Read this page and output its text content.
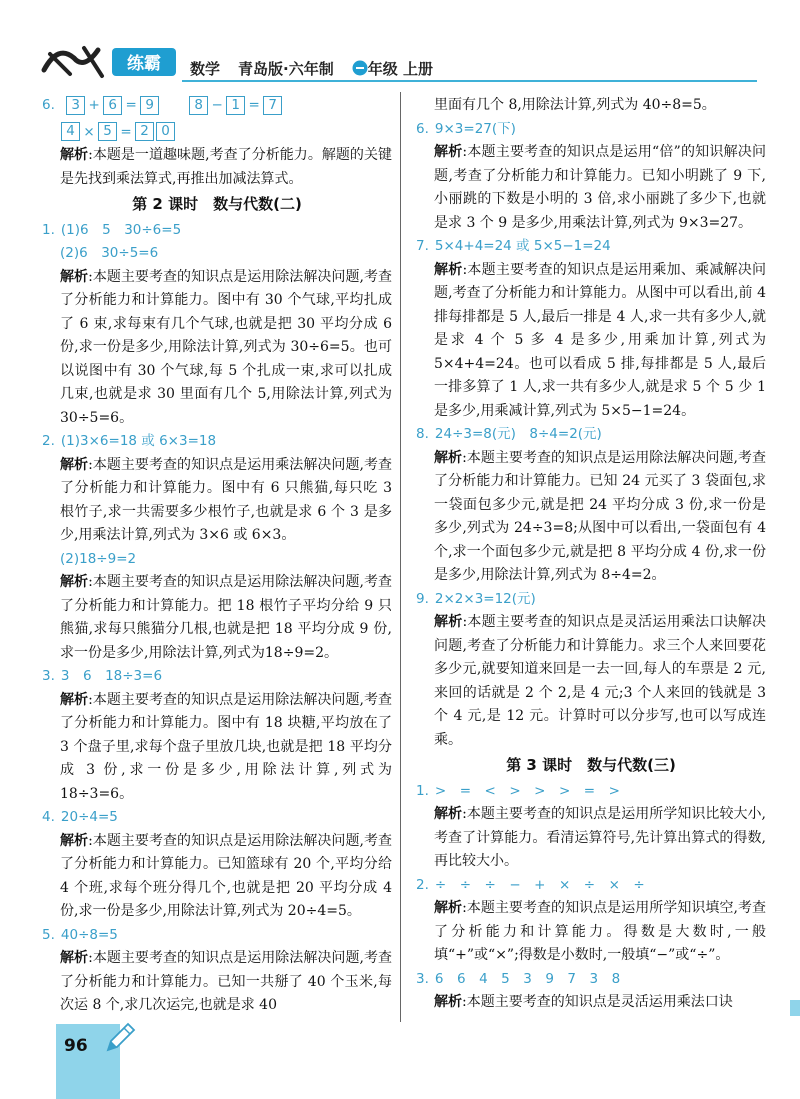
练霸 数学 青岛版·六年制 年级 上册

6. 3 + 6 = 9	8 − 1 = 7

4 × 5 = 2 0

解析:本题是一道趣味题,考查了分析能力。解题的关键是先找到乘法算式,再推出加减法算式。

第 2 课时　数与代数(二)

1. (1)6　5　30÷6=5

(2)6　30÷5=6

解析:本题主要考查的知识点是运用除法解决问题,考查了分析能力和计算能力。图中有 30 个气球,平均扎成了 6 束,求每束有几个气球,也就是把 30 平均分成 6 份,求一份是多少,用除法计算,列式为 30÷6=5。也可以说图中有 30 个气球,每 5 个扎成一束,求可以扎成几束,也就是求 30 里面有几个 5,用除法计算,列式为 30÷5=6。

2. (1)3×6=18 或 6×3=18

解析:本题主要考查的知识点是运用乘法解决问题,考查了分析能力和计算能力。图中有 6 只熊猫,每只吃 3 根竹子,求一共需要多少根竹子,也就是求 6 个 3 是多少,用乘法计算,列式为 3×6 或 6×3。

(2)18÷9=2

解析:本题主要考查的知识点是运用除法解决问题,考查了分析能力和计算能力。把 18 根竹子平均分给 9 只熊猫,求每只熊猫分几根,也就是把 18 平均分成 9 份,求一份是多少,用除法计算,列式为18÷9=2。

3. 3　6　18÷3=6

解析:本题主要考查的知识点是运用除法解决问题,考查了分析能力和计算能力。图中有 18 块糖,平均放在了 3 个盘子里,求每个盘子里放几块,也就是把 18 平均分成 3 份,求一份是多少,用除法计算,列式为 18÷3=6。

4. 20÷4=5

解析:本题主要考查的知识点是运用除法解决问题,考查了分析能力和计算能力。已知篮球有 20 个,平均分给 4 个班,求每个班分得几个,也就是把 20 平均分成 4 份,求一份是多少,用除法计算,列式为 20÷4=5。

5. 40÷8=5

解析:本题主要考查的知识点是运用除法解决问题,考查了分析能力和计算能力。已知一共掰了 40 个玉米,每次运 8 个,求几次运完,也就是求 40

里面有几个 8,用除法计算,列式为 40÷8=5。

6. 9×3=27(下)

解析:本题主要考查的知识点是运用“倍”的知识解决问题,考查了分析能力和计算能力。已知小明跳了 9 下,小丽跳的下数是小明的 3 倍,求小丽跳了多少下,也就是求 3 个 9 是多少,用乘法计算,列式为 9×3=27。

7. 5×4+4=24 或 5×5−1=24

解析:本题主要考查的知识点是运用乘加、乘减解决问题,考查了分析能力和计算能力。从图中可以看出,前 4 排每排都是 5 人,最后一排是 4 人,求一共有多少人,就是求 4 个 5 多 4 是多少,用乘加计算,列式为 5×4+4=24。也可以看成 5 排,每排都是 5 人,最后一排多算了 1 人,求一共有多少人,就是求 5 个 5 少 1 是多少,用乘减计算,列式为 5×5−1=24。

8. 24÷3=8(元)　8÷4=2(元)

解析:本题主要考查的知识点是运用除法解决问题,考查了分析能力和计算能力。已知 24 元买了 3 袋面包,求一袋面包多少元,就是把 24 平均分成 3 份,求一份是多少,列式为 24÷3=8;从图中可以看出,一袋面包有 4 个,求一个面包多少元,就是把 8 平均分成 4 份,求一份是多少,用除法计算,列式为 8÷4=2。

9. 2×2×3=12(元)

解析:本题主要考查的知识点是灵活运用乘法口诀解决问题,考查了分析能力和计算能力。求三个人来回要花多少元,就要知道来回是一去一回,每人的车票是 2 元,来回的话就是 2 个 2,是 4 元;3 个人来回的钱就是 3 个 4 元,是 12 元。计算时可以分步写,也可以写成连乘。

第 3 课时　数与代数(三)

1. >　=　<　>　>　>　=　>

解析:本题主要考查的知识点是运用所学知识比较大小,考查了计算能力。看清运算符号,先计算出算式的得数,再比较大小。

2. ÷　÷　÷　−　+　×　÷　×　÷

解析:本题主要考查的知识点是运用所学知识填空,考查了分析能力和计算能力。得数是大数时,一般填“+”或“×”;得数是小数时,一般填“−”或“÷”。

3. 6　6　4　5　3　9　7　3　8

解析:本题主要考查的知识点是灵活运用乘法口诀

96
